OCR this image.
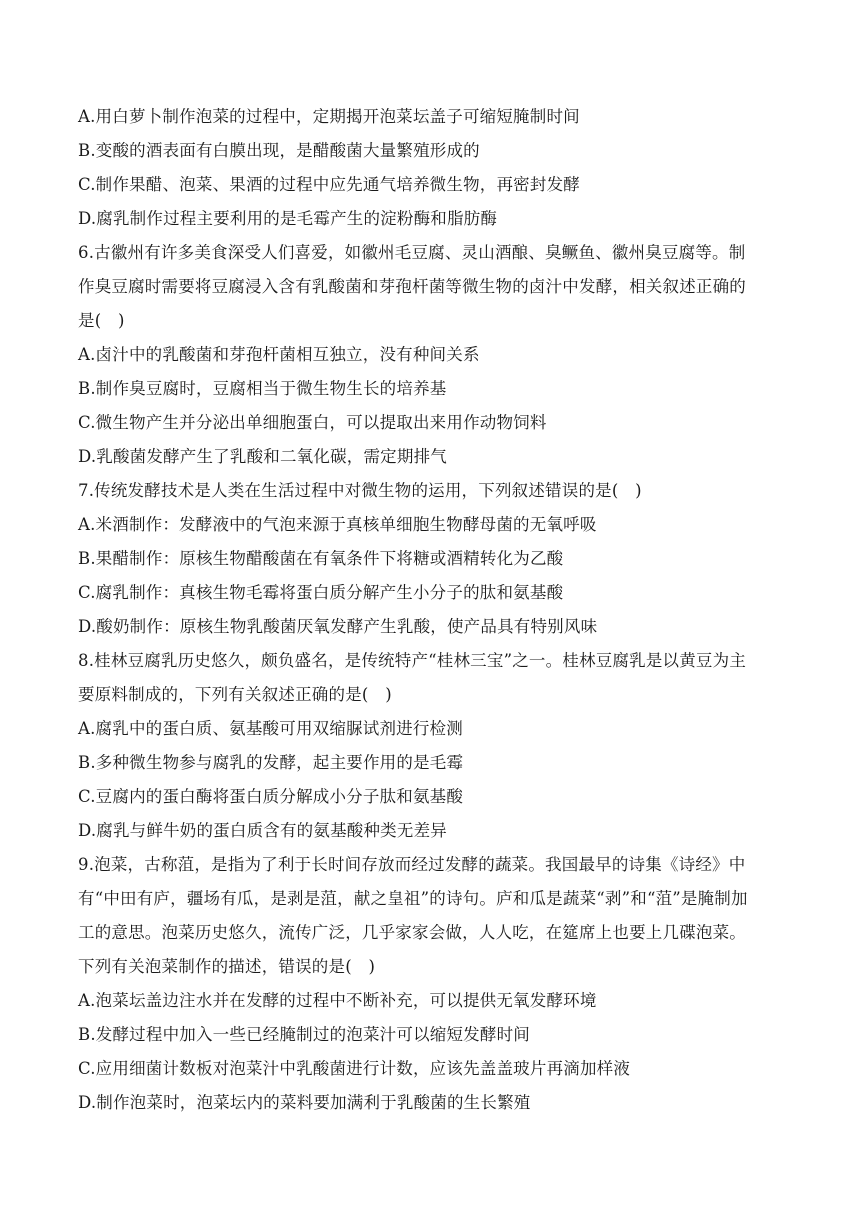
A.用白萝卜制作泡菜的过程中，定期揭开泡菜坛盖子可缩短腌制时间
B.变酸的酒表面有白膜出现，是醋酸菌大量繁殖形成的
C.制作果醋、泡菜、果酒的过程中应先通气培养微生物，再密封发酵
D.腐乳制作过程主要利用的是毛霉产生的淀粉酶和脂肪酶
6.古徽州有许多美食深受人们喜爱，如徽州毛豆腐、灵山酒酿、臭鳜鱼、徽州臭豆腐等。制
作臭豆腐时需要将豆腐浸入含有乳酸菌和芽孢杆菌等微生物的卤汁中发酵，相关叙述正确的
是(　)
A.卤汁中的乳酸菌和芽孢杆菌相互独立，没有种间关系
B.制作臭豆腐时，豆腐相当于微生物生长的培养基
C.微生物产生并分泌出单细胞蛋白，可以提取出来用作动物饲料
D.乳酸菌发酵产生了乳酸和二氧化碳，需定期排气
7.传统发酵技术是人类在生活过程中对微生物的运用，下列叙述错误的是(　)
A.米酒制作：发酵液中的气泡来源于真核单细胞生物酵母菌的无氧呼吸
B.果醋制作：原核生物醋酸菌在有氧条件下将糖或酒精转化为乙酸
C.腐乳制作：真核生物毛霉将蛋白质分解产生小分子的肽和氨基酸
D.酸奶制作：原核生物乳酸菌厌氧发酵产生乳酸，使产品具有特别风味
8.桂林豆腐乳历史悠久，颇负盛名，是传统特产“桂林三宝”之一。桂林豆腐乳是以黄豆为主
要原料制成的，下列有关叙述正确的是(　)
A.腐乳中的蛋白质、氨基酸可用双缩脲试剂进行检测
B.多种微生物参与腐乳的发酵，起主要作用的是毛霉
C.豆腐内的蛋白酶将蛋白质分解成小分子肽和氨基酸
D.腐乳与鲜牛奶的蛋白质含有的氨基酸种类无差异
9.泡菜，古称菹，是指为了利于长时间存放而经过发酵的蔬菜。我国最早的诗集《诗经》中
有“中田有庐，疆场有瓜，是剥是菹，献之皇祖”的诗句。庐和瓜是蔬菜“剥”和“菹”是腌制加
工的意思。泡菜历史悠久，流传广泛，几乎家家会做，人人吃，在筵席上也要上几碟泡菜。
下列有关泡菜制作的描述，错误的是(　)
A.泡菜坛盖边注水并在发酵的过程中不断补充，可以提供无氧发酵环境
B.发酵过程中加入一些已经腌制过的泡菜汁可以缩短发酵时间
C.应用细菌计数板对泡菜汁中乳酸菌进行计数，应该先盖盖玻片再滴加样液
D.制作泡菜时，泡菜坛内的菜料要加满利于乳酸菌的生长繁殖
